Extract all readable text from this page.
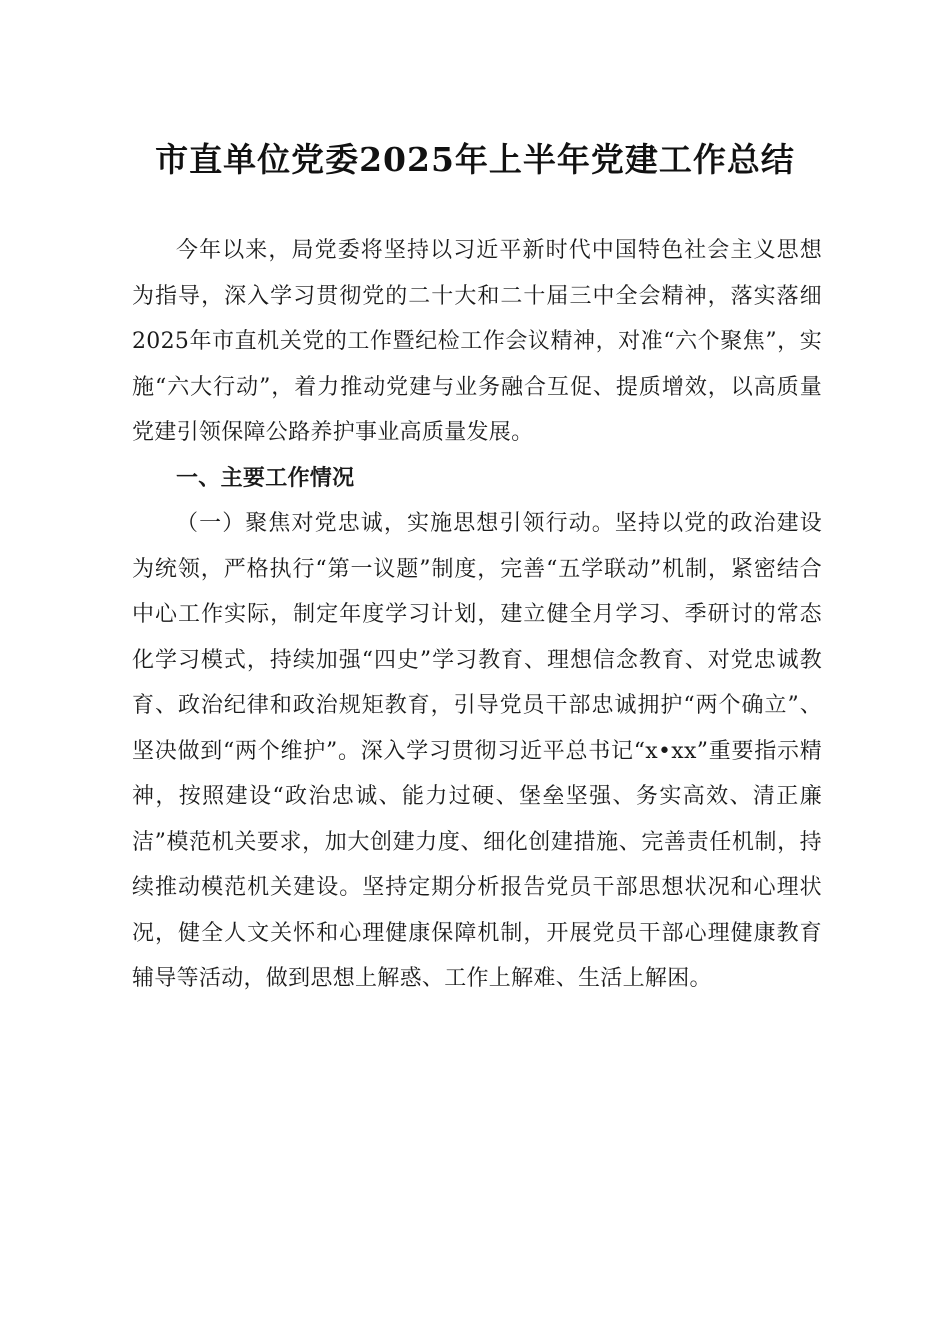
市直单位党委2025年上半年党建工作总结

今年以来，局党委将坚持以习近平新时代中国特色社会主义思想为指导，深入学习贯彻党的二十大和二十届三中全会精神，落实落细2025年市直机关党的工作暨纪检工作会议精神，对准“六个聚焦”，实施“六大行动”，着力推动党建与业务融合互促、提质增效，以高质量党建引领保障公路养护事业高质量发展。

一、主要工作情况

（一）聚焦对党忠诚，实施思想引领行动。坚持以党的政治建设为统领，严格执行“第一议题”制度，完善“五学联动”机制，紧密结合中心工作实际，制定年度学习计划，建立健全月学习、季研讨的常态化学习模式，持续加强“四史”学习教育、理想信念教育、对党忠诚教育、政治纪律和政治规矩教育，引导党员干部忠诚拥护“两个确立”、坚决做到“两个维护”。深入学习贯彻习近平总书记“x•xx”重要指示精神，按照建设“政治忠诚、能力过硬、堡垒坚强、务实高效、清正廉洁”模范机关要求，加大创建力度、细化创建措施、完善责任机制，持续推动模范机关建设。坚持定期分析报告党员干部思想状况和心理状况，健全人文关怀和心理健康保障机制，开展党员干部心理健康教育辅导等活动，做到思想上解惑、工作上解难、生活上解困。
